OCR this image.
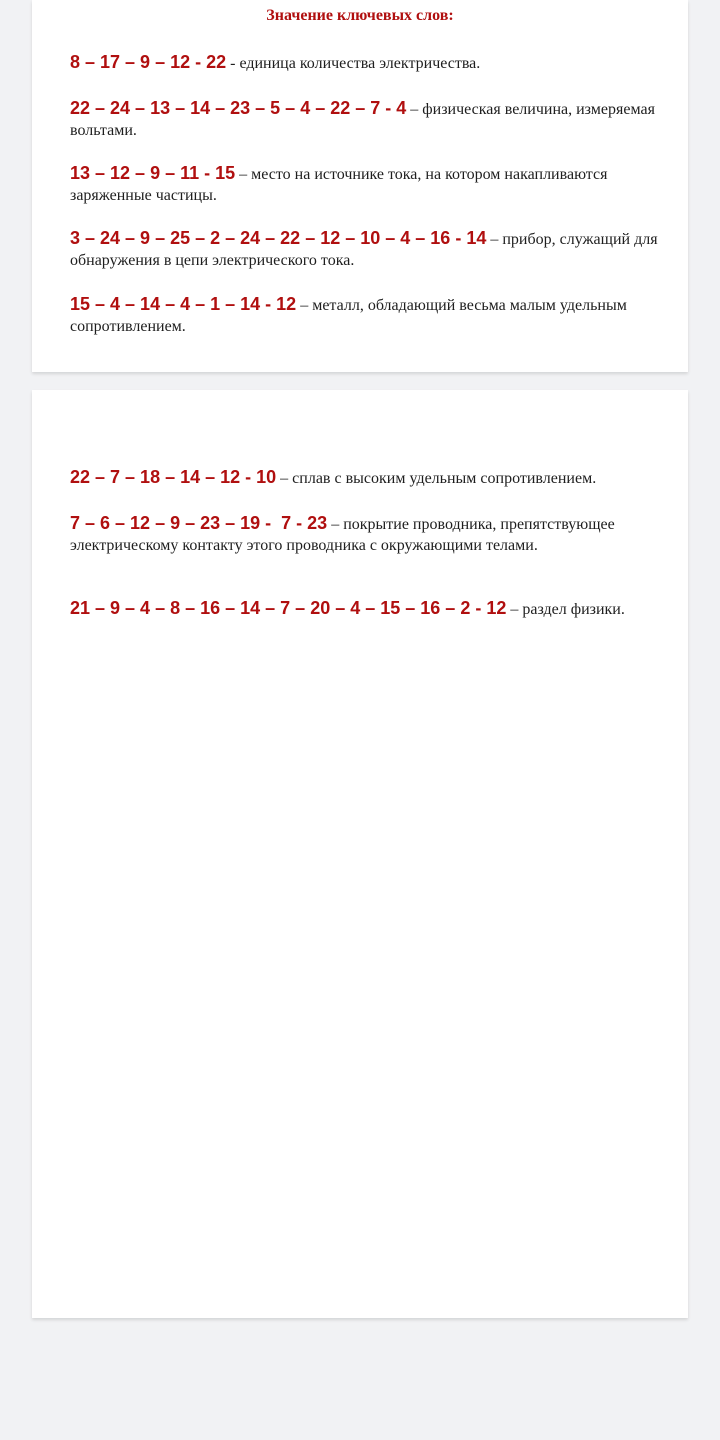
Значение ключевых слов:
8 – 17 – 9 – 12 - 22 - единица количества электричества.
22 – 24 – 13 – 14 – 23 – 5 – 4 – 22 – 7 - 4 – физическая величина, измеряемая вольтами.
13 – 12 – 9 – 11 - 15 – место на источнике тока, на котором накапливаются заряженные частицы.
3 – 24 – 9 – 25 – 2 – 24 – 22 – 12 – 10 – 4 – 16 - 14 – прибор, служащий для обнаружения в цепи электрического тока.
15 – 4 – 14 – 4 – 1 – 14 - 12 – металл, обладающий весьма малым удельным сопротивлением.
22 – 7 – 18 – 14 – 12 - 10 – сплав с высоким удельным сопротивлением.
7 – 6 – 12 – 9 – 23 – 19 -  7 - 23 – покрытие проводника, препятствующее электрическому контакту этого проводника с окружающими телами.
21 – 9 – 4 – 8 – 16 – 14 – 7 – 20 – 4 – 15 – 16 – 2 - 12 – раздел физики.
